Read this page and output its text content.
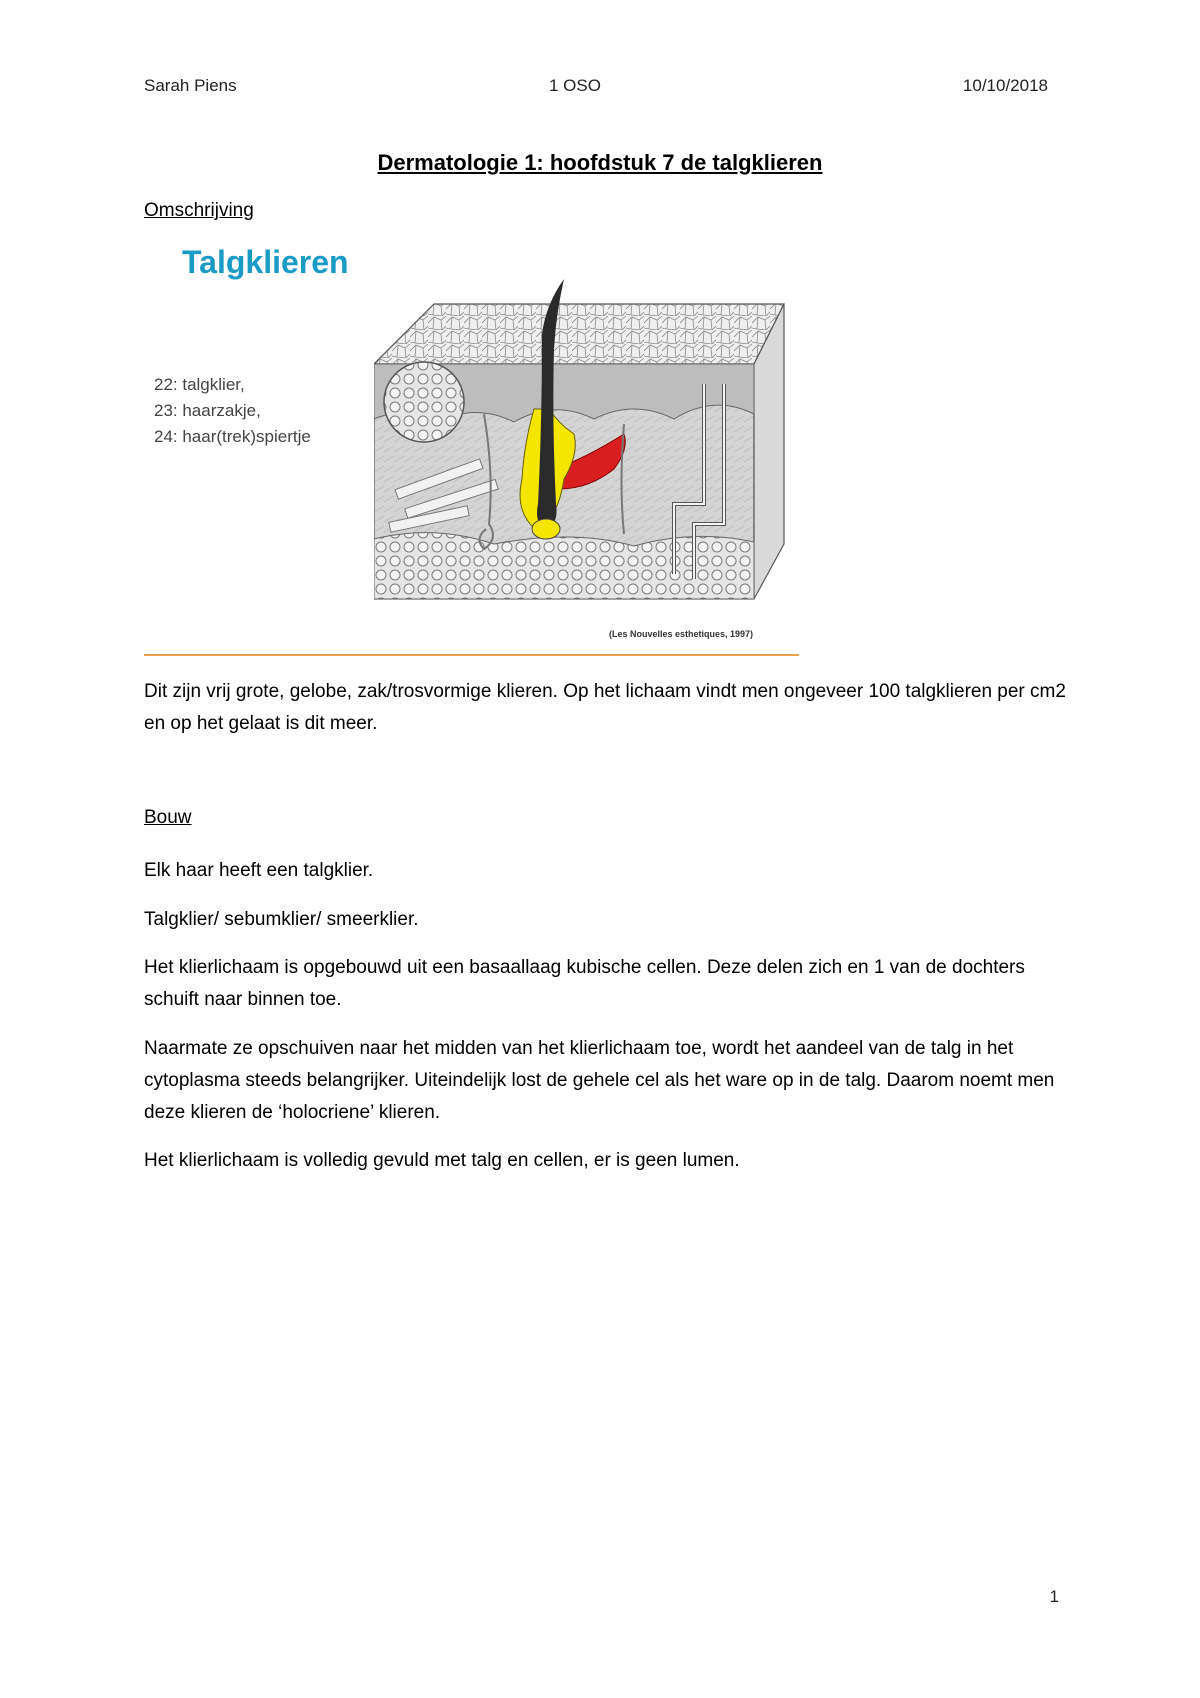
Sarah Piens	1 OSO	10/10/2018
Dermatologie 1: hoofdstuk 7 de talgklieren
Omschrijving
Talgklieren
22: talgklier,
23: haarzakje,
24: haar(trek)spiertje
(Les Nouvelles esthetiques, 1997)

Dit zijn vrij grote, gelobe, zak/trosvormige klieren. Op het lichaam vindt men ongeveer 100 talgklieren per cm2 en op het gelaat is dit meer.

Bouw

Elk haar heeft een talgklier.

Talgklier/ sebumklier/ smeerklier.

Het klierlichaam is opgebouwd uit een basaallaag kubische cellen. Deze delen zich en 1 van de dochters schuift naar binnen toe.

Naarmate ze opschuiven naar het midden van het klierlichaam toe, wordt het aandeel van de talg in het cytoplasma steeds belangrijker. Uiteindelijk lost de gehele cel als het ware op in de talg. Daarom noemt men deze klieren de ‘holocriene’ klieren.

Het klierlichaam is volledig gevuld met talg en cellen, er is geen lumen.

1
